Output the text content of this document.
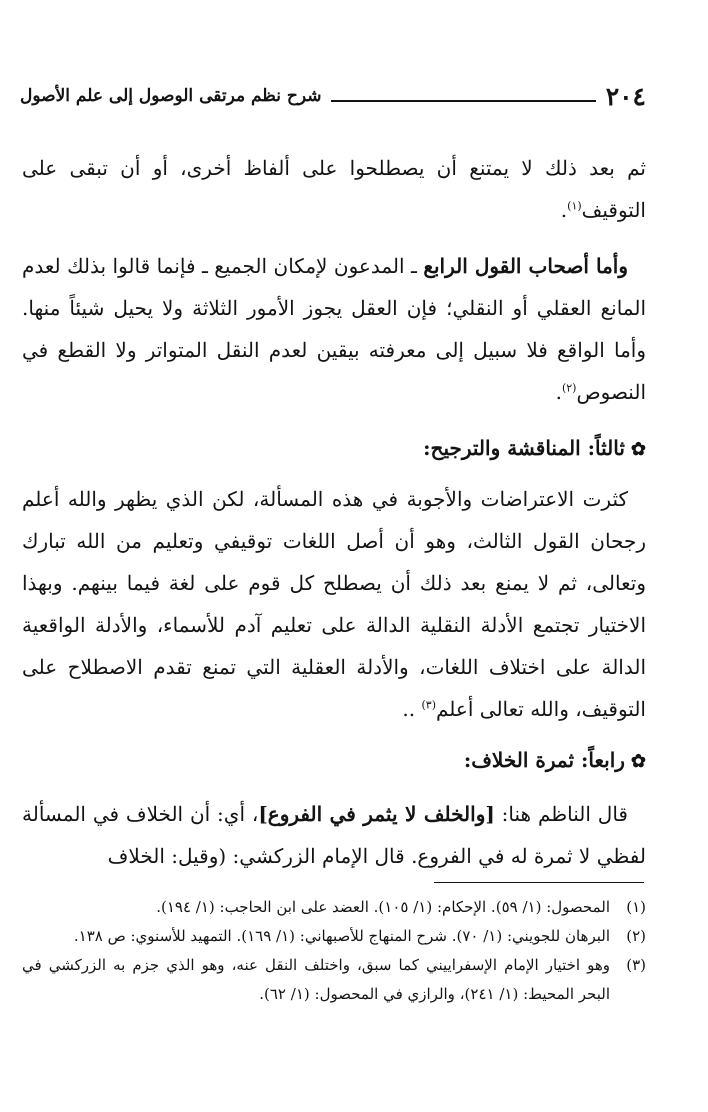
٢٠٤
شرح نظم مرتقى الوصول إلى علم الأصول

ثم بعد ذلك لا يمتنع أن يصطلحوا على ألفاظ أخرى، أو أن تبقى على التوقيف$^{(١)}$.

وأما أصحاب القول الرابع ـ المدعون لإمكان الجميع ـ فإنما قالوا بذلك لعدم المانع العقلي أو النقلي؛ فإن العقل يجوز الأمور الثلاثة ولا يحيل شيئاً منها. وأما الواقع فلا سبيل إلى معرفته بيقين لعدم النقل المتواتر ولا القطع في النصوص$^{(٢)}$.

✿ثالثاً: المناقشة والترجيح:

كثرت الاعتراضات والأجوبة في هذه المسألة، لكن الذي يظهر والله أعلم رجحان القول الثالث، وهو أن أصل اللغات توقيفي وتعليم من الله تبارك وتعالى، ثم لا يمنع بعد ذلك أن يصطلح كل قوم على لغة فيما بينهم. وبهذا الاختيار تجتمع الأدلة النقلية الدالة على تعليم آدم للأسماء، والأدلة الواقعية الدالة على اختلاف اللغات، والأدلة العقلية التي تمنع تقدم الاصطلاح على التوقيف، والله تعالى أعلم$^{(٣)}$ ..

✿رابعاً: ثمرة الخلاف:

قال الناظم هنا: [والخلف لا يثمر في الفروع]، أي: أن الخلاف في المسألة لفظي لا ثمرة له في الفروع. قال الإمام الزركشي: (وقيل: الخلاف

(١)
المحصول: (١/ ٥٩). الإحكام: (١/ ١٠٥). العضد على ابن الحاجب: (١/ ١٩٤).
(٢)
البرهان للجويني: (١/ ٧٠). شرح المنهاج للأصبهاني: (١/ ١٦٩). التمهيد للأسنوي: ص ١٣٨.
(٣)
وهو اختيار الإمام الإسفراييني كما سبق، واختلف النقل عنه، وهو الذي جزم به الزركشي في البحر المحيط: (١/ ٢٤١)، والرازي في المحصول: (١/ ٦٢).
